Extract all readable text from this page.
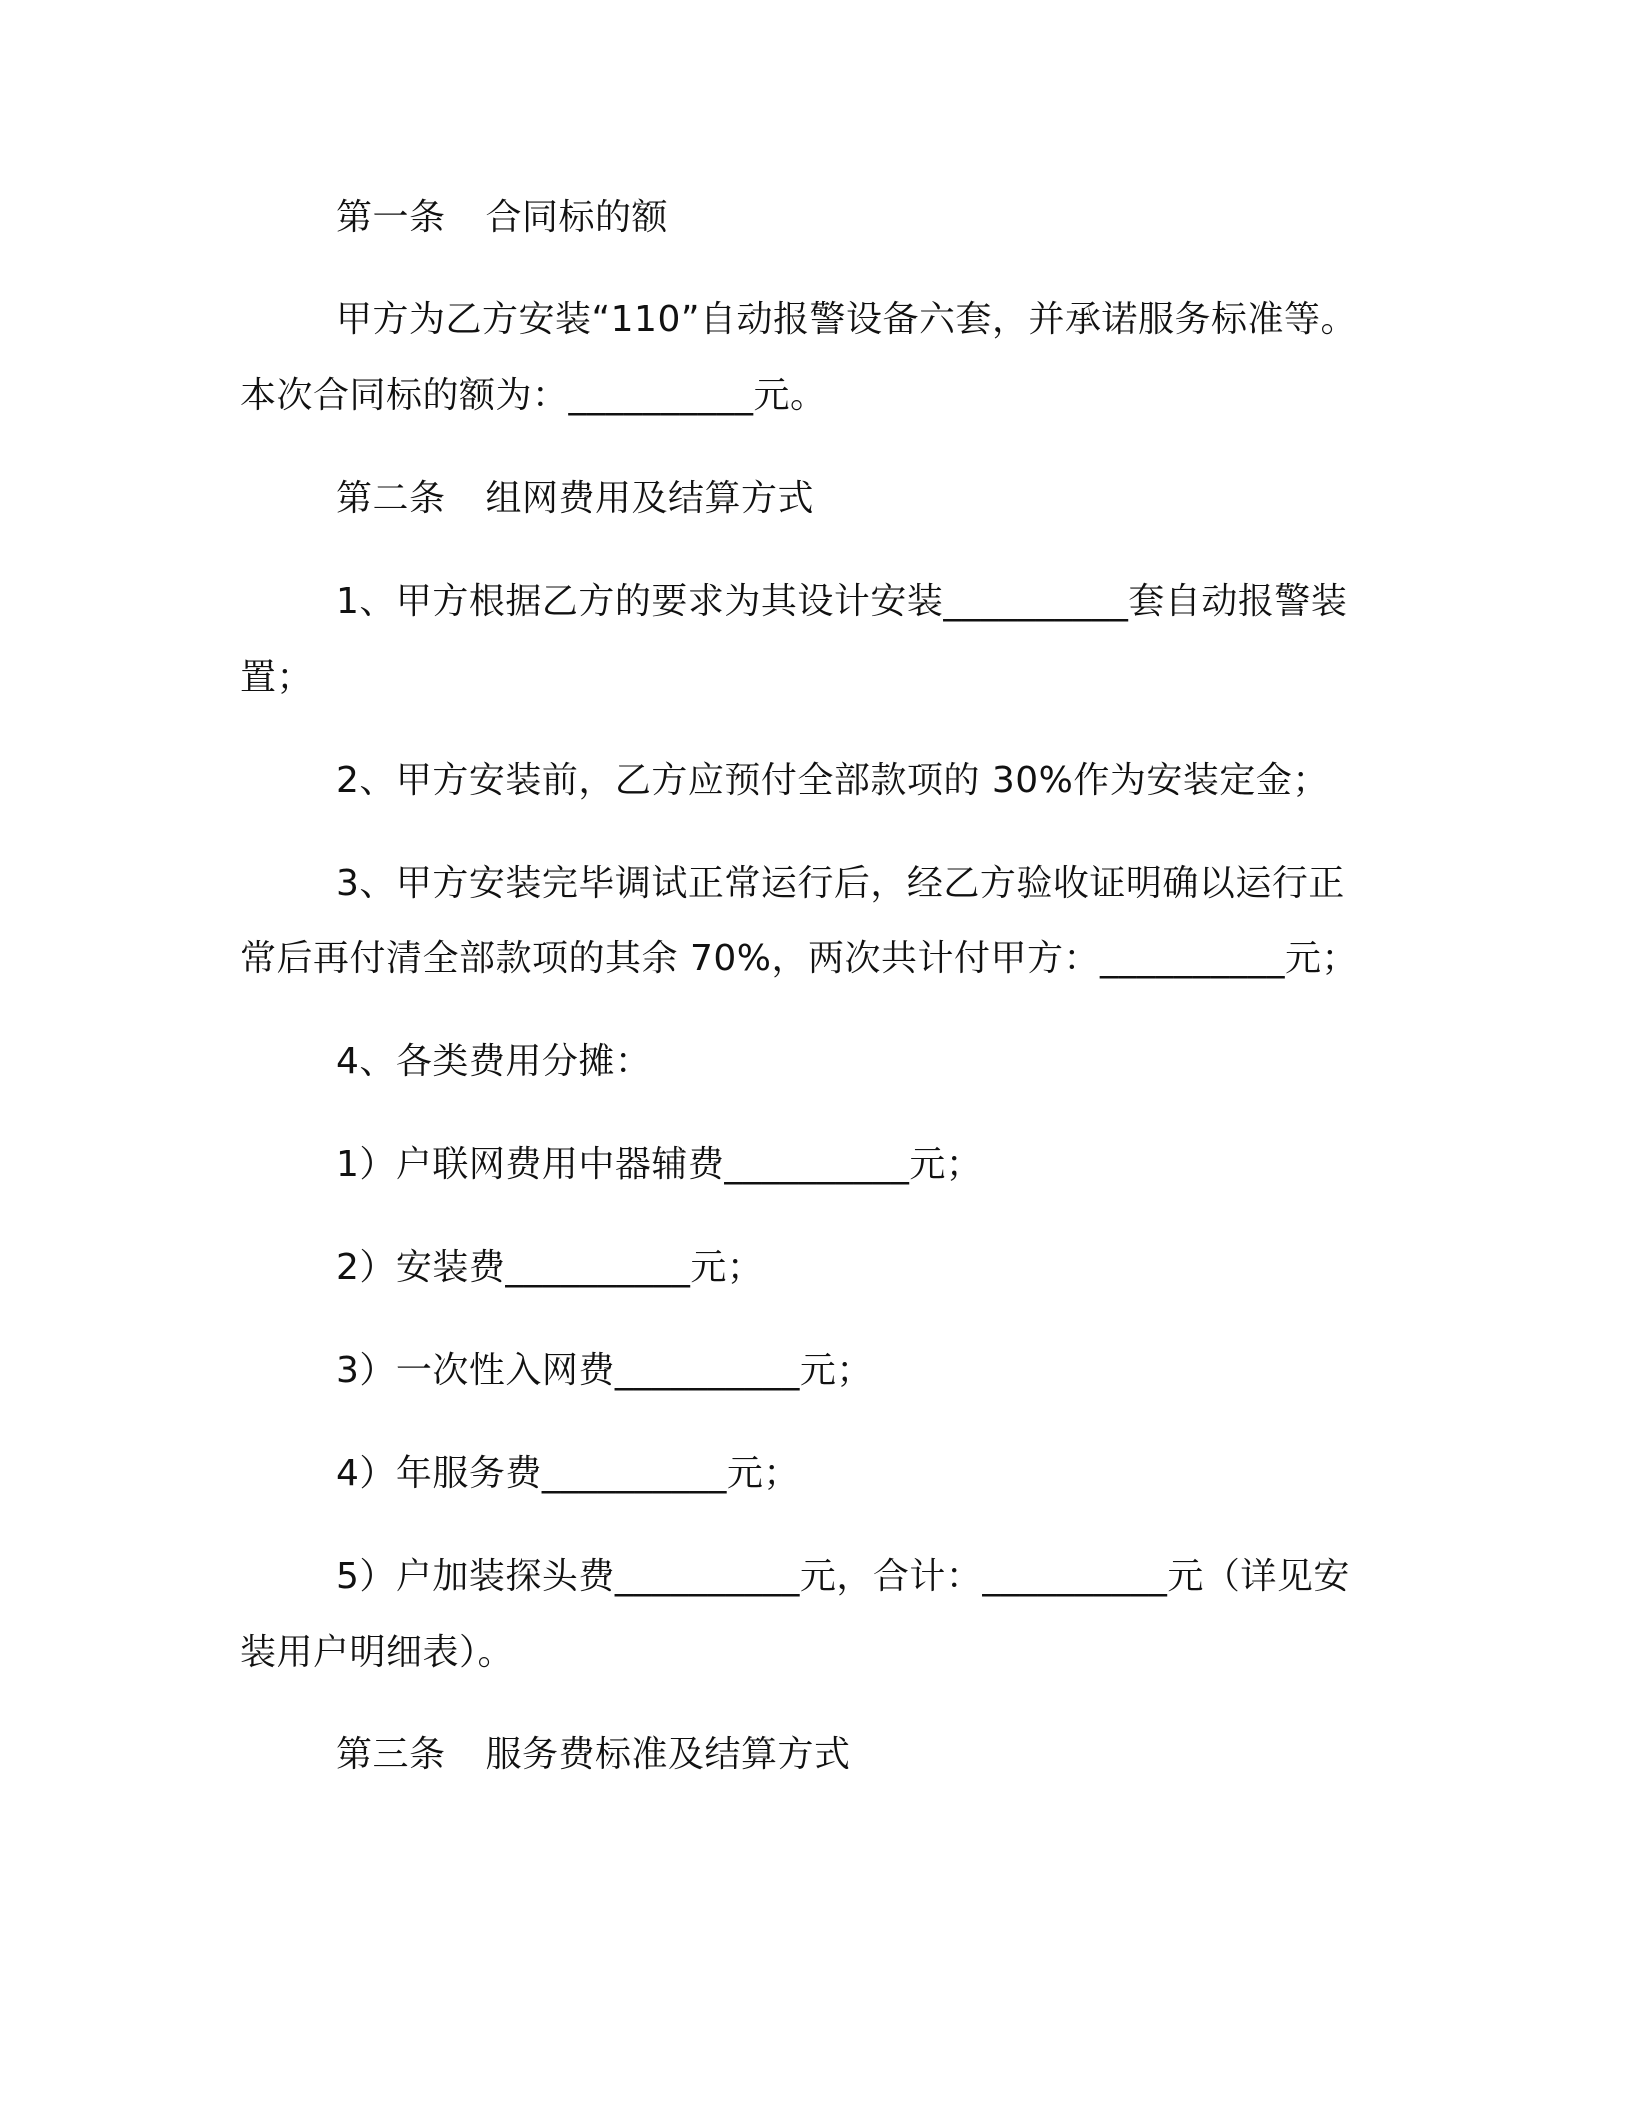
第一条 合同标的额
甲方为乙方安装“110”自动报警设备六套，并承诺服务标准等。
本次合同标的额为：__________元。
第二条 组网费用及结算方式
1、甲方根据乙方的要求为其设计安装__________套自动报警装
置；
2、甲方安装前，乙方应预付全部款项的 30%作为安装定金；
3、甲方安装完毕调试正常运行后，经乙方验收证明确以运行正
常后再付清全部款项的其余 70%，两次共计付甲方：__________元；
4、各类费用分摊：
1）户联网费用中器辅费__________元；
2）安装费__________元；
3）一次性入网费__________元；
4）年服务费__________元；
5）户加装探头费__________元，合计：__________元（详见安
装用户明细表）。
第三条 服务费标准及结算方式
